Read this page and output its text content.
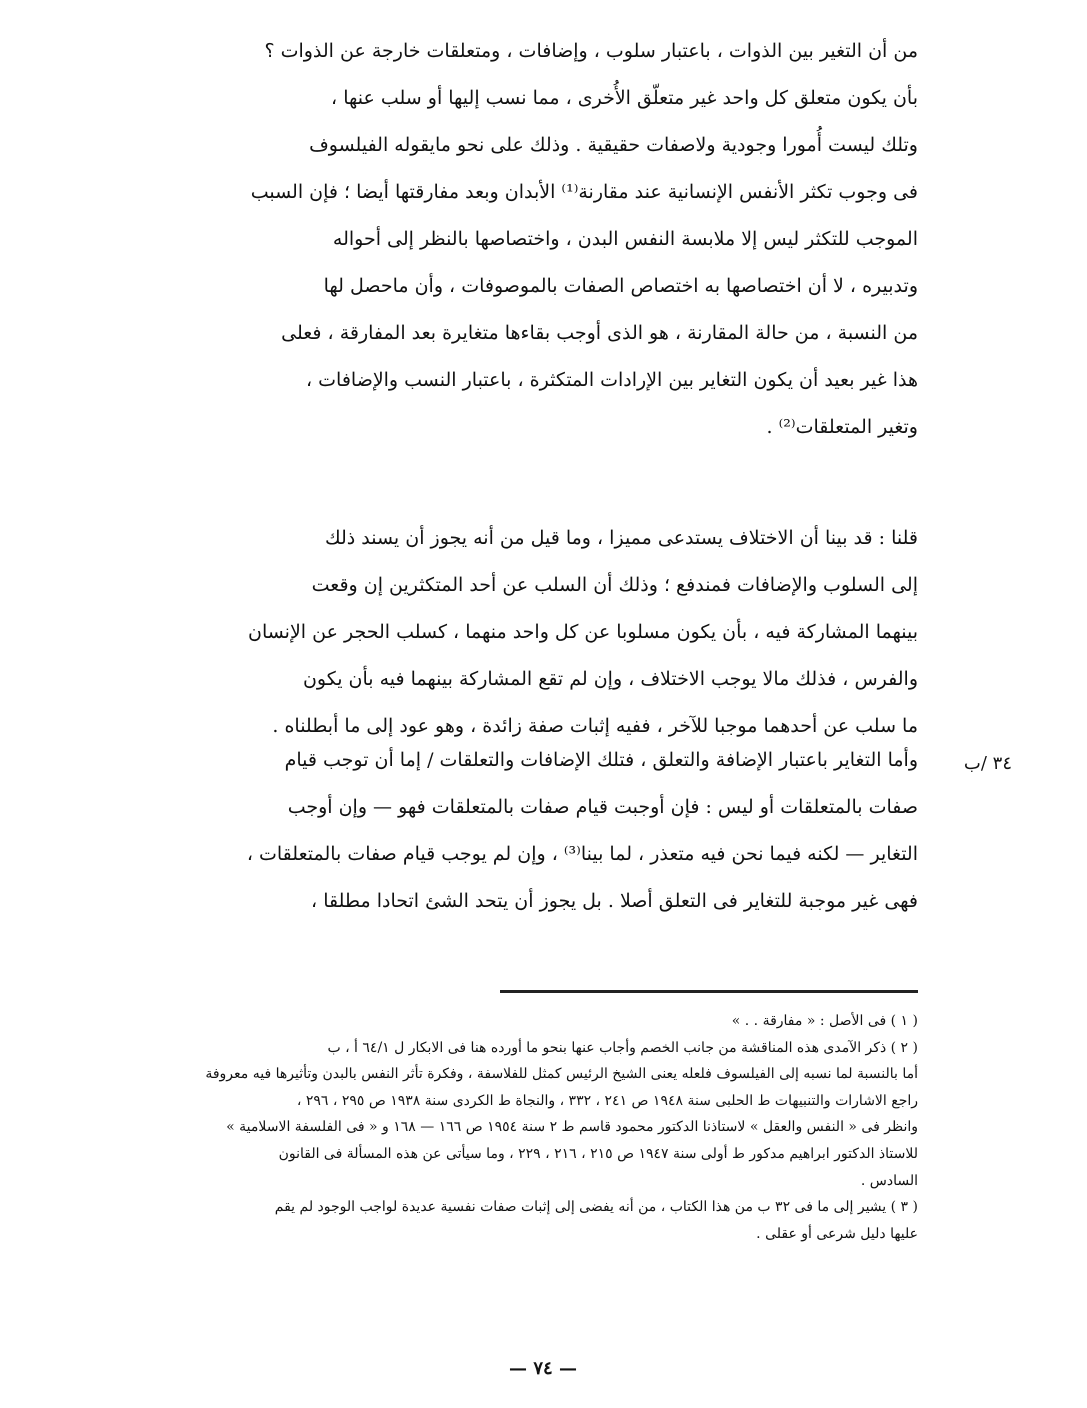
من أن التغير بين الذوات ، باعتبار سلوب ، وإضافات ، ومتعلقات خارجة عن الذوات ؟
بأن يكون متعلق كل واحد غير متعلّق الأُخرى ، مما نسب إليها أو سلب عنها ،
وتلك ليست أُمورا وجودية ولاصفات حقيقية . وذلك على نحو مايقوله الفيلسوف
فى وجوب تكثر الأنفس الإنسانية عند مقارنة⁽¹⁾ الأبدان وبعد مفارقتها أيضا ؛ فإن السبب
الموجب للتكثر ليس إلا ملابسة النفس البدن ، واختصاصها بالنظر إلى أحواله
وتدبيره ، لا أن اختصاصها به اختصاص الصفات بالموصوفات ، وأن ماحصل لها
من النسبة ، من حالة المقارنة ، هو الذى أوجب بقاءها متغايرة بعد المفارقة ، فعلى
هذا غير بعيد أن يكون التغاير بين الإرادات المتكثرة ، باعتبار النسب والإضافات ،
وتغير المتعلقات⁽²⁾ .
قلنا : قد بينا أن الاختلاف يستدعى مميزا ، وما قيل من أنه يجوز أن يسند ذلك
إلى السلوب والإضافات فمندفع ؛ وذلك أن السلب عن أحد المتكثرين إن وقعت
بينهما المشاركة فيه ، بأن يكون مسلوبا عن كل واحد منهما ، كسلب الحجر عن الإنسان
والفرس ، فذلك مالا يوجب الاختلاف ، وإن لم تقع المشاركة بينهما فيه بأن يكون
ما سلب عن أحدهما موجبا للآخر ، ففيه إثبات صفة زائدة ، وهو عود إلى ما أبطلناه .
وأما التغاير باعتبار الإضافة والتعلق ، فتلك الإضافات والتعلقات / إما أن توجب قيام
صفات بالمتعلقات أو ليس : فإن أوجبت قيام صفات بالمتعلقات فهو — وإن أوجب
التغاير — لكنه فيما نحن فيه متعذر ، لما بينا⁽³⁾ ، وإن لم يوجب قيام صفات بالمتعلقات ،
فهى غير موجبة للتغاير فى التعلق أصلا . بل يجوز أن يتحد الشئ اتحادا مطلقا ،
٣٤ /ب
( ١ ) فى الأصل : « مفارقة . . »
( ٢ ) ذكر الآمدى هذه المناقشة من جانب الخصم وأجاب عنها بنحو ما أورده هنا فى الابكار ل ٦٤/١ أ ، ب
أما بالنسبة لما نسبه إلى الفيلسوف فلعله يعنى الشيخ الرئيس كمثل للفلاسفة ، وفكرة تأثر النفس بالبدن وتأثيرها فيه معروفة
راجع الاشارات والتنبيهات ط الحلبى سنة ١٩٤٨ ص ٢٤١ ، ٣٣٢ ، والنجاة ط الكردى سنة ١٩٣٨ ص ٢٩٥ ، ٢٩٦ ،
وانظر فى « النفس والعقل » لاستاذنا الدكتور محمود قاسم ط ٢ سنة ١٩٥٤ ص ١٦٦ — ١٦٨ و « فى الفلسفة الاسلامية »
للاستاذ الدكتور ابراهيم مدكور ط أولى سنة ١٩٤٧ ص ٢١٥ ، ٢١٦ ، ٢٢٩ ، وما سيأتى عن هذه المسألة فى القانون
السادس .
( ٣ ) يشير إلى ما فى ٣٢ ب من هذا الكتاب ، من أنه يفضى إلى إثبات صفات نفسية عديدة لواجب الوجود لم يقم
عليها دليل شرعى أو عقلى .
— ٧٤ —
